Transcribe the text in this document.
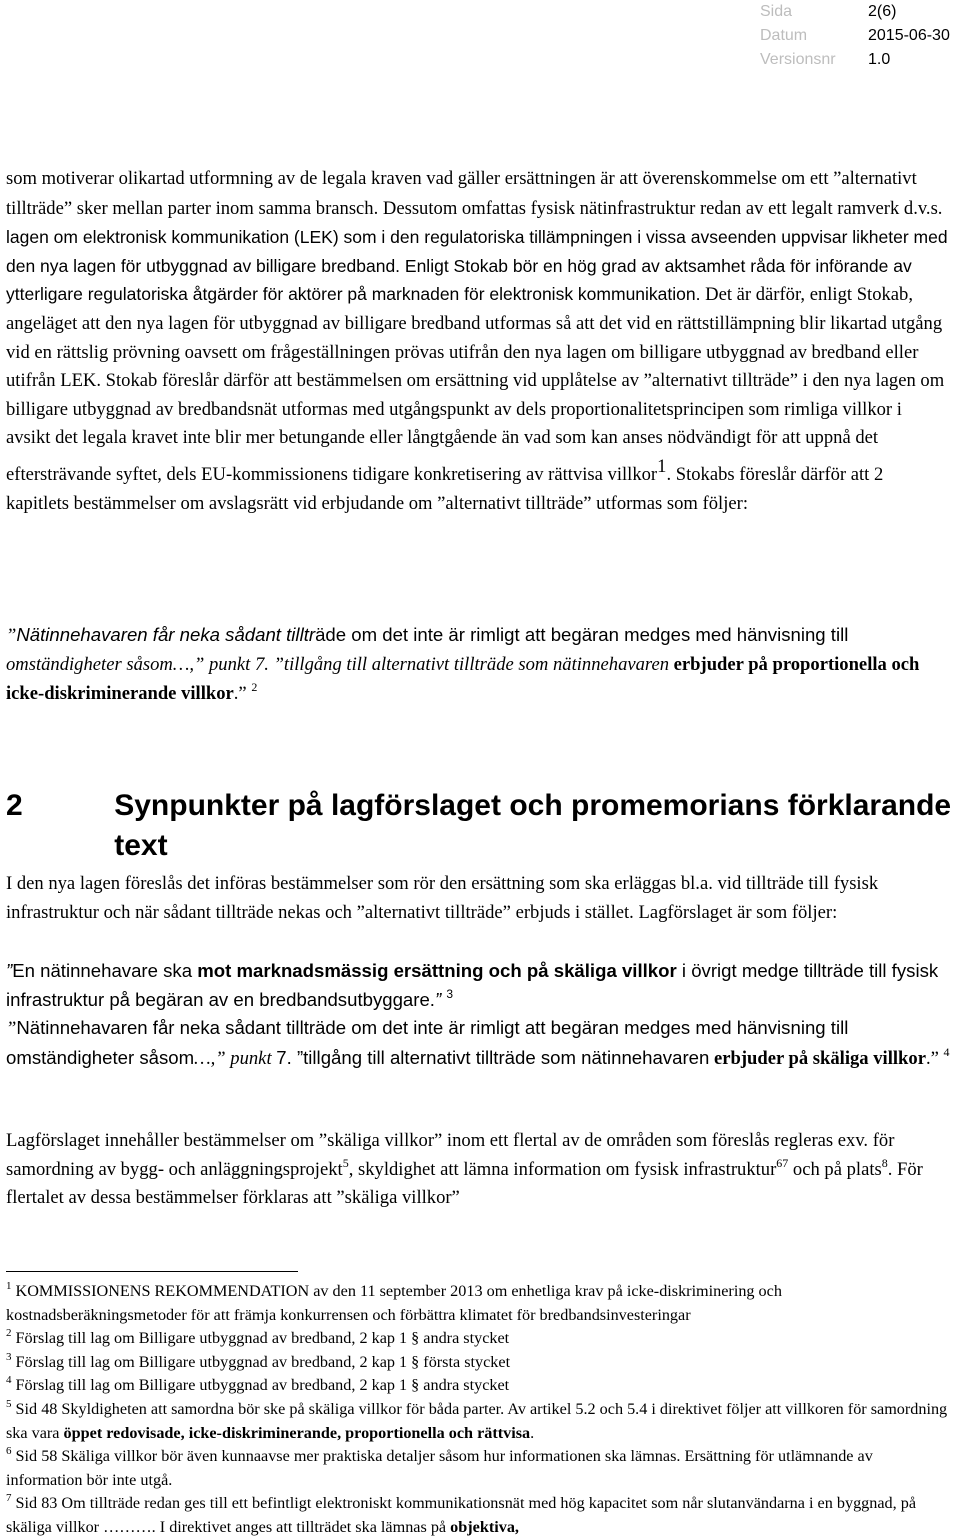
Sida	2(6)
Datum	2015-06-30
Versionsnr	1.0

som motiverar olikartad utformning av de legala kraven vad gäller ersättningen är att överenskommelse om ett ”alternativt tillträde” sker mellan parter inom samma bransch. Dessutom omfattas fysisk nätinfrastruktur redan av ett legalt ramverk d.v.s. lagen om elektronisk kommunikation (LEK) som i den regulatoriska tillämpningen i vissa avseenden uppvisar likheter med den nya lagen för utbyggnad av billigare bredband. Enligt Stokab bör en hög grad av aktsamhet råda för införande av ytterligare regulatoriska åtgärder för aktörer på marknaden för elektronisk kommunikation. Det är därför, enligt Stokab, angeläget att den nya lagen för utbyggnad av billigare bredband utformas så att det vid en rättstillämpning blir likartad utgång vid en rättslig prövning oavsett om frågeställningen prövas utifrån den nya lagen om billigare utbyggnad av bredband eller utifrån LEK. Stokab föreslår därför att bestämmelsen om ersättning vid upplåtelse av ”alternativt tillträde” i den nya lagen om billigare utbyggnad av bredbandsnät utformas med utgångspunkt av dels proportionalitetsprincipen som rimliga villkor i avsikt det legala kravet inte blir mer betungande eller långtgående än vad som kan anses nödvändigt för att uppnå det eftersträvande syftet, dels EU-kommissionens tidigare konkretisering av rättvisa villkor$^1$. Stokabs föreslår därför att 2 kapitlets bestämmelser om avslagsrätt vid erbjudande om ”alternativt tillträde” utformas som följer:

”Nätinnehavaren får neka sådant tillträde om det inte är rimligt att begäran medges med hänvisning till omständigheter såsom…,” punkt 7. ”tillgång till alternativt tillträde som nätinnehavaren erbjuder på proportionella och icke-diskriminerande villkor.” $^2$

2	Synpunkter på lagförslaget och promemorians förklarande text

I den nya lagen föreslås det införas bestämmelser som rör den ersättning som ska erläggas bl.a. vid tillträde till fysisk infrastruktur och när sådant tillträde nekas och ”alternativt tillträde” erbjuds i stället. Lagförslaget är som följer:

”En nätinnehavare ska mot marknadsmässig ersättning och på skäliga villkor i övrigt medge tillträde till fysisk infrastruktur på begäran av en bredbandsutbyggare.” $^3$

”Nätinnehavaren får neka sådant tillträde om det inte är rimligt att begäran medges med hänvisning till omständigheter såsom…,” punkt 7. ”tillgång till alternativt tillträde som nätinnehavaren erbjuder på skäliga villkor.” $^4$

Lagförslaget innehåller bestämmelser om ”skäliga villkor” inom ett flertal av de områden som föreslås regleras exv. för samordning av bygg- och anläggningsprojekt$^5$, skyldighet att lämna information om fysisk infrastruktur$^{67}$ och på plats$^8$. För flertalet av dessa bestämmelser förklaras att ”skäliga villkor”

$^1$ KOMMISSIONENS REKOMMENDATION av den 11 september 2013 om enhetliga krav på icke-diskriminering och kostnadsberäkningsmetoder för att främja konkurrensen och förbättra klimatet för bredbandsinvesteringar

$^2$ Förslag till lag om Billigare utbyggnad av bredband, 2 kap 1 § andra stycket

$^3$ Förslag till lag om Billigare utbyggnad av bredband, 2 kap 1 § första stycket

$^4$ Förslag till lag om Billigare utbyggnad av bredband, 2 kap 1 § andra stycket

$^5$ Sid 48 Skyldigheten att samordna bör ske på skäliga villkor för båda parter. Av artikel 5.2 och 5.4 i direktivet följer att villkoren för samordning ska vara öppet redovisade, icke-diskriminerande, proportionella och rättvisa.

$^6$ Sid 58 Skäliga villkor bör även kunnaavse mer praktiska detaljer såsom hur informationen ska lämnas. Ersättning för utlämnande av information bör inte utgå.

$^7$ Sid 83 Om tillträde redan ges till ett befintligt elektroniskt kommunikationsnät med hög kapacitet som når slutanvändarna i en byggnad, på skäliga villkor ………. I direktivet anges att tillträdet ska lämnas på objektiva,
